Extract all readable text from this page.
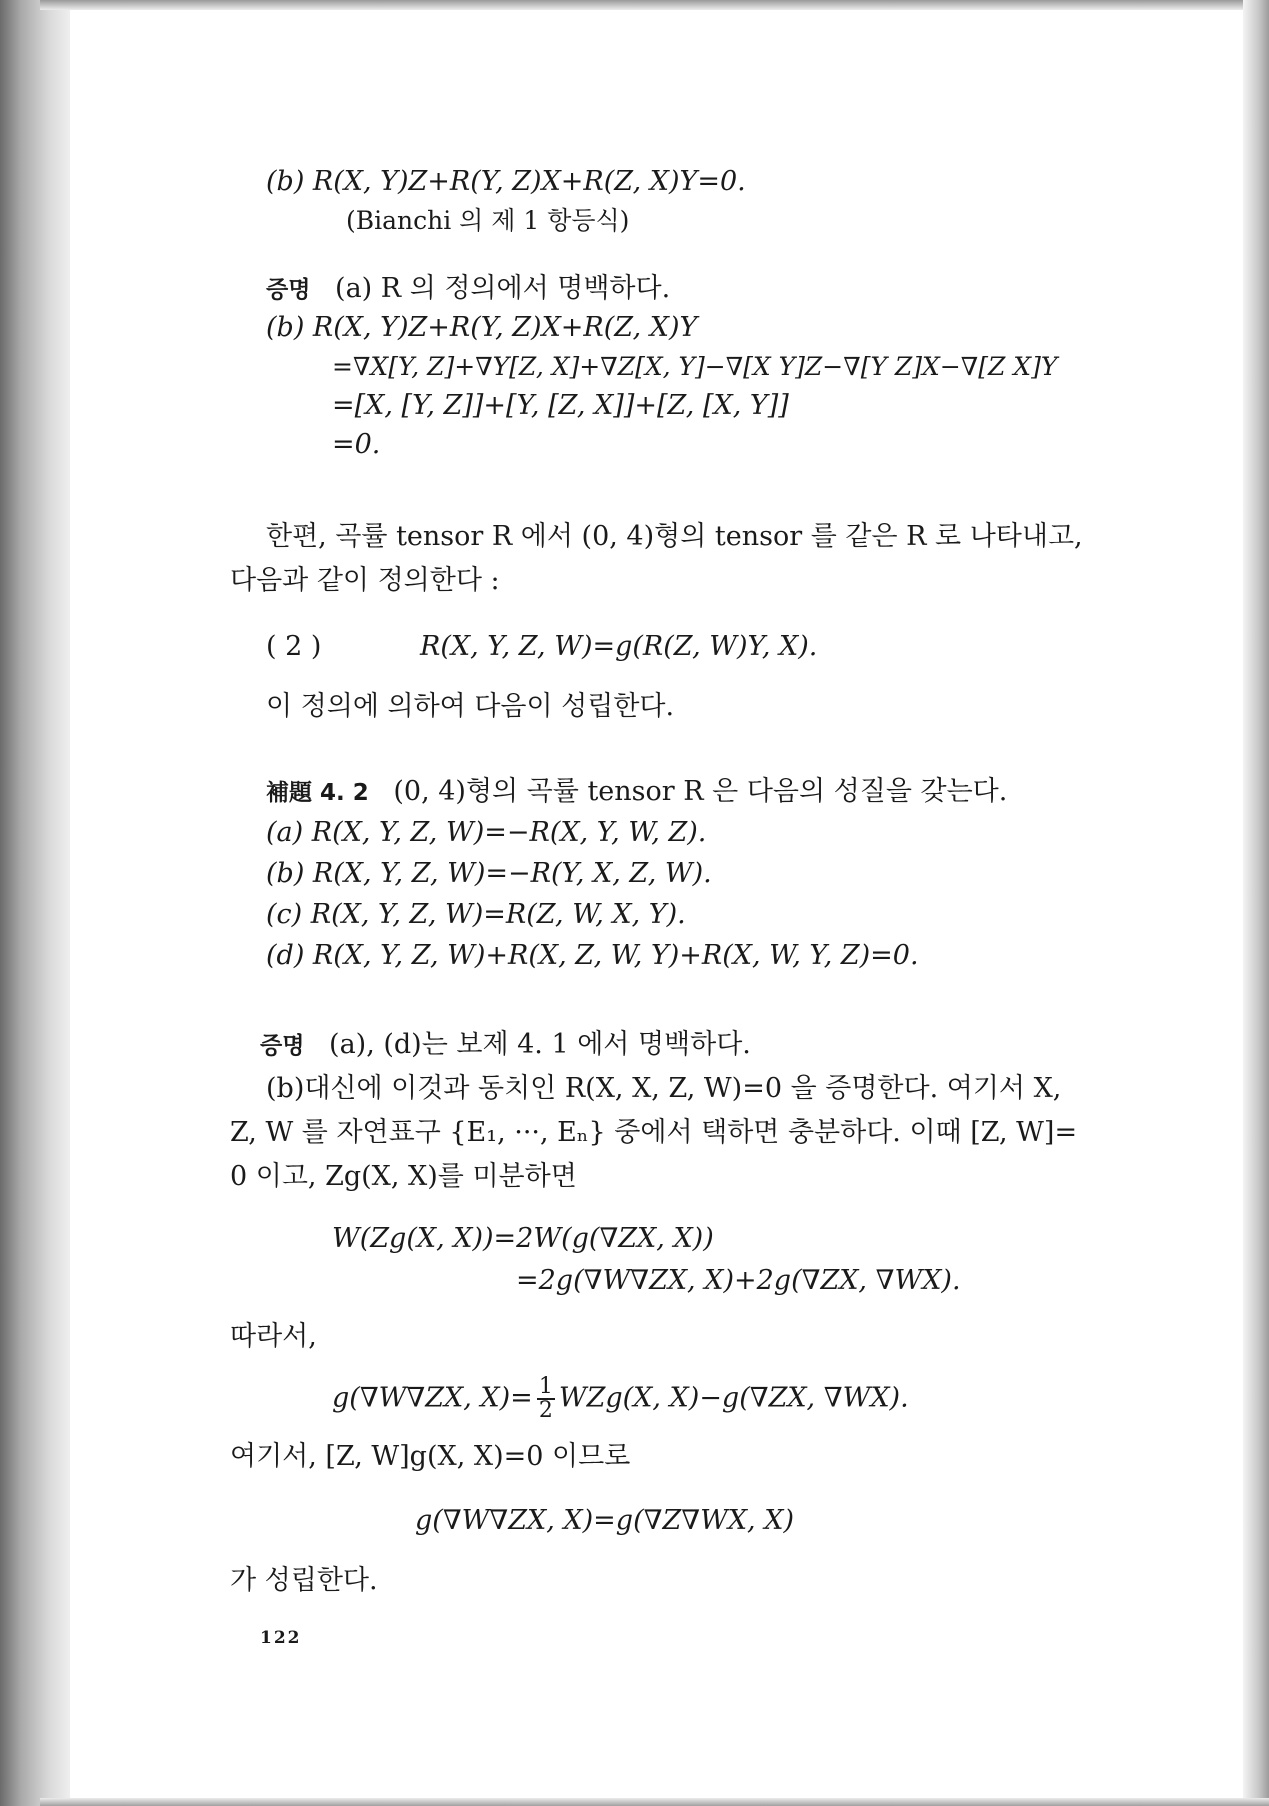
(b) R(X, Y)Z+R(Y, Z)X+R(Z, X)Y=0.
(Bianchi 의 제 1 항등식)
증명 (a) R 의 정의에서 명백하다.
(b) R(X, Y)Z+R(Y, Z)X+R(Z, X)Y
=∇X[Y, Z]+∇Y[Z, X]+∇Z[X, Y]−∇[X Y]Z−∇[Y Z]X−∇[Z X]Y
=[X, [Y, Z]]+[Y, [Z, X]]+[Z, [X, Y]]
=0.
한편, 곡률 tensor R 에서 (0, 4)형의 tensor 를 같은 R 로 나타내고,
다음과 같이 정의한다 :
( 2 )	R(X, Y, Z, W)=g(R(Z, W)Y, X).
이 정의에 의하여 다음이 성립한다.
補題 4. 2 (0, 4)형의 곡률 tensor R 은 다음의 성질을 갖는다.
(a) R(X, Y, Z, W)=−R(X, Y, W, Z).
(b) R(X, Y, Z, W)=−R(Y, X, Z, W).
(c) R(X, Y, Z, W)=R(Z, W, X, Y).
(d) R(X, Y, Z, W)+R(X, Z, W, Y)+R(X, W, Y, Z)=0.
증명 (a), (d)는 보제 4. 1 에서 명백하다.
(b)대신에 이것과 동치인 R(X, X, Z, W)=0 을 증명한다. 여기서 X,
Z, W 를 자연표구 {E₁, ···, Eₙ} 중에서 택하면 충분하다. 이때 [Z, W]=
0 이고, Zg(X, X)를 미분하면
W(Zg(X, X))=2W(g(∇ZX, X))
=2g(∇W∇ZX, X)+2g(∇ZX, ∇WX).
따라서,
g(∇W∇ZX, $X)= \frac{1}{2} WZg(X$, X)−g(∇ZX, ∇WX).
여기서, [Z, W]g(X, X)=0 이므로
g(∇W∇ZX, X)=g(∇Z∇WX, X)
가 성립한다.
122
